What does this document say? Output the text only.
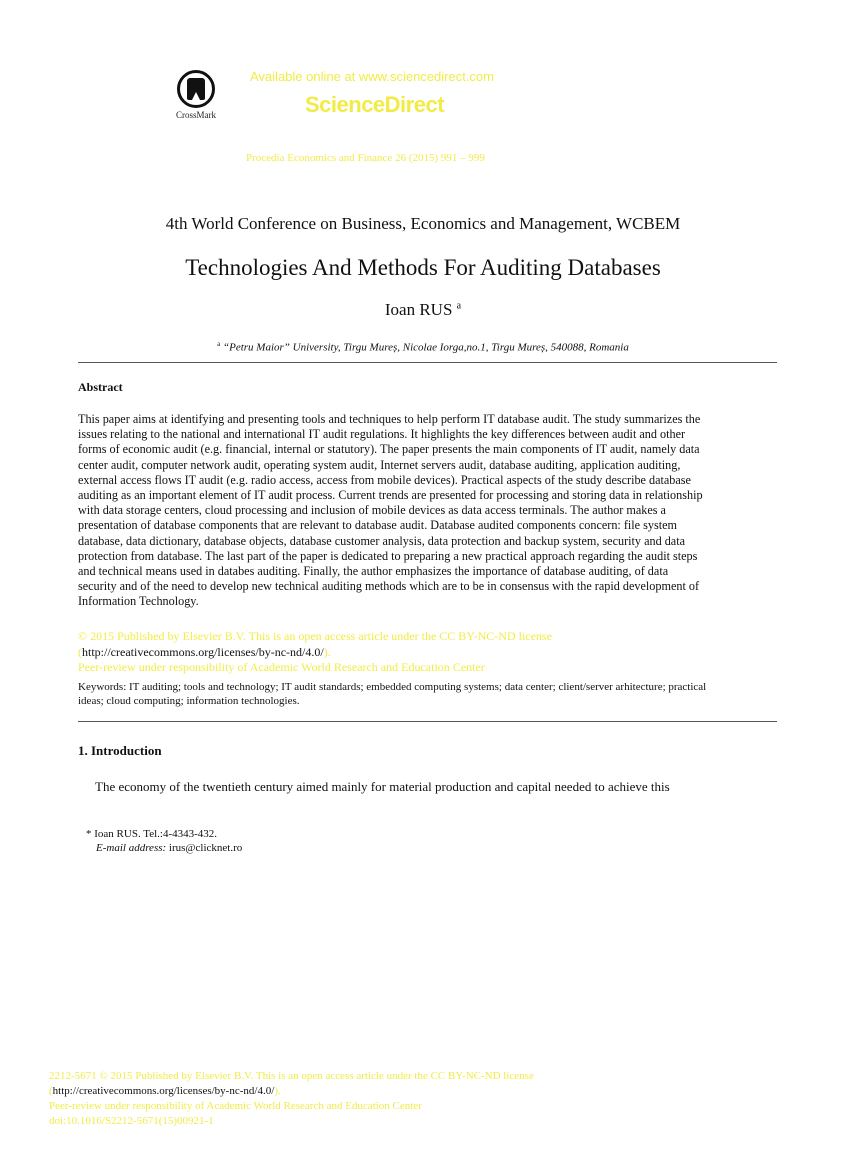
CrossMark
Available online at www.sciencedirect.com
ScienceDirect
Procedia Economics and Finance 26 (2015) 991 – 999
4th World Conference on Business, Economics and Management, WCBEM
Technologies And Methods For Auditing Databases
Ioan RUS $^a$
$^a$ “Petru Maior” University, Tirgu Mureș, Nicolae Iorga,no.1, Tirgu Mureș, 540088, Romania
Abstract
This paper aims at identifying and presenting tools and techniques to help perform IT database audit. The study summarizes the
issues relating to the national and international IT audit regulations. It highlights the key differences between audit and other
forms of economic audit (e.g. financial, internal or statutory). The paper presents the main components of IT audit, namely data
center audit, computer network audit, operating system audit, Internet servers audit, database auditing, application auditing,
external access flows IT audit (e.g. radio access, access from mobile devices). Practical aspects of the study describe database
auditing as an important element of IT audit process. Current trends are presented for processing and storing data in relationship
with data storage centers, cloud processing and inclusion of mobile devices as data access terminals. The author makes a
presentation of database components that are relevant to database audit. Database audited components concern: file system
database, data dictionary, database objects, database customer analysis, data protection and backup system, security and data
protection from database. The last part of the paper is dedicated to preparing a new practical approach regarding the audit steps
and technical means used in databes auditing. Finally, the author emphasizes the importance of database auditing, of data
security and of the need to develop new technical auditing methods which are to be in consensus with the rapid development of
Information Technology.
© 2015 Published by Elsevier B.V. This is an open access article under the CC BY-NC-ND license
(http://creativecommons.org/licenses/by-nc-nd/4.0/).
Peer-review under responsibility of Academic World Research and Education Center
Keywords: IT auditing; tools and technology; IT audit standards; embedded computing systems; data center; client/server arhitecture; practical
ideas; cloud computing; information technologies.
1. Introduction
The economy of the twentieth century aimed mainly for material production and capital needed to achieve this
* Ioan RUS. Tel.:4-4343-432.
E-mail address: irus@clicknet.ro
2212-5671 © 2015 Published by Elsevier B.V. This is an open access article under the CC BY-NC-ND license
(http://creativecommons.org/licenses/by-nc-nd/4.0/).
Peer-review under responsibility of Academic World Research and Education Center
doi:10.1016/S2212-5671(15)00921-1
